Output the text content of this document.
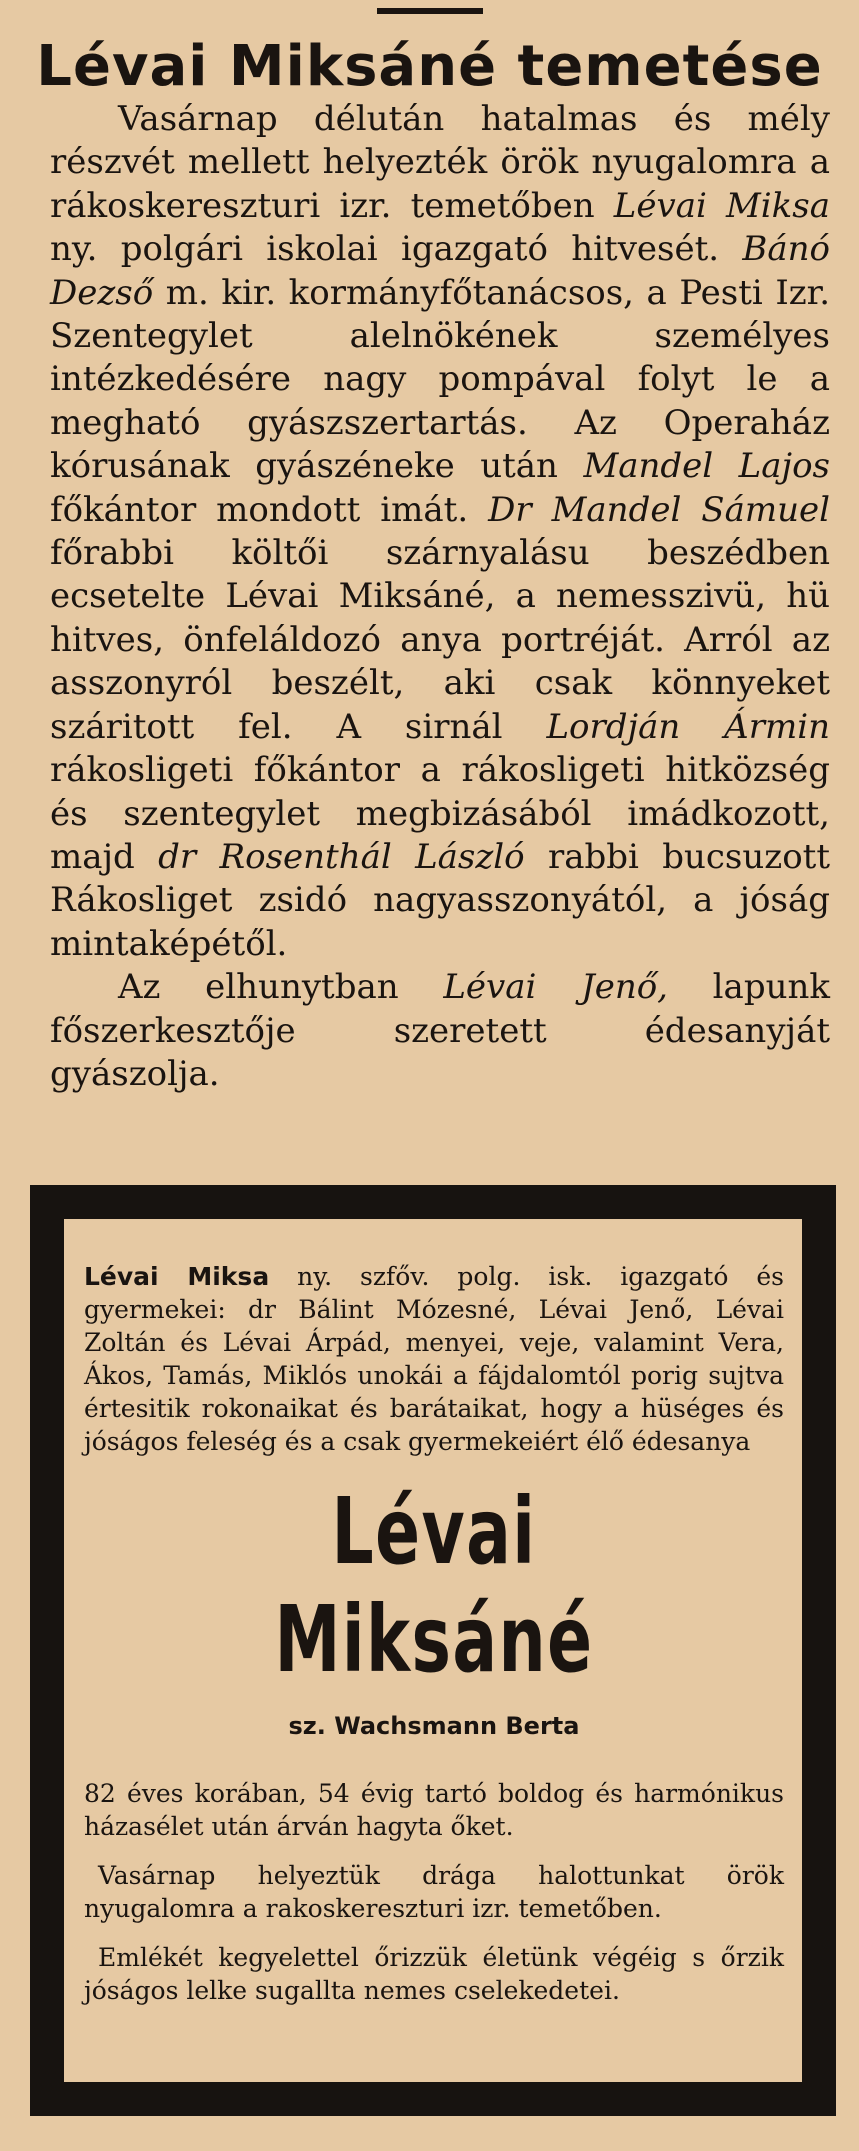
Lévai Miksáné temetése

Vasárnap délután hatalmas és mély részvét mellett helyezték örök nyugalomra a rákoskereszturi izr. temetőben Lévai Miksa ny. polgári iskolai igazgató hitvesét. Bánó Dezső m. kir. kormányfőtanácsos, a Pesti Izr. Szentegylet alelnökének személyes intézkedésére nagy pompával folyt le a megható gyászszertartás. Az Operaház kórusának gyászéneke után Mandel Lajos főkántor mondott imát. Dr Mandel Sámuel főrabbi költői szárnyalásu beszédben ecsetelte Lévai Miksáné, a nemesszivü, hü hitves, önfeláldozó anya portréját. Arról az asszonyról beszélt, aki csak könnyeket száritott fel. A sirnál Lordján Ármin rákosligeti főkántor a rákosligeti hitközség és szentegylet megbizásából imádkozott, majd dr Rosenthál László rabbi bucsuzott Rákosliget zsidó nagyasszonyától, a jóság mintaképétől.

Az elhunytban Lévai Jenő, lapunk főszerkesztője szeretett édesanyját gyászolja.

Lévai Miksa ny. szfőv. polg. isk. igazgató és gyermekei: dr Bálint Mózesné, Lévai Jenő, Lévai Zoltán és Lévai Árpád, menyei, veje, valamint Vera, Ákos, Tamás, Miklós unokái a fájdalomtól porig sujtva értesitik rokonaikat és barátaikat, hogy a hüséges és jóságos feleség és a csak gyermekeiért élő édesanya

Lévai Miksáné
sz. Wachsmann Berta

82 éves korában, 54 évig tartó boldog és harmónikus házasélet után árván hagyta őket.

Vasárnap helyeztük drága halottunkat örök nyugalomra a rakoskereszturi izr. temetőben.

Emlékét kegyelettel őrizzük életünk végéig s őrzik jóságos lelke sugallta nemes cselekedetei.
